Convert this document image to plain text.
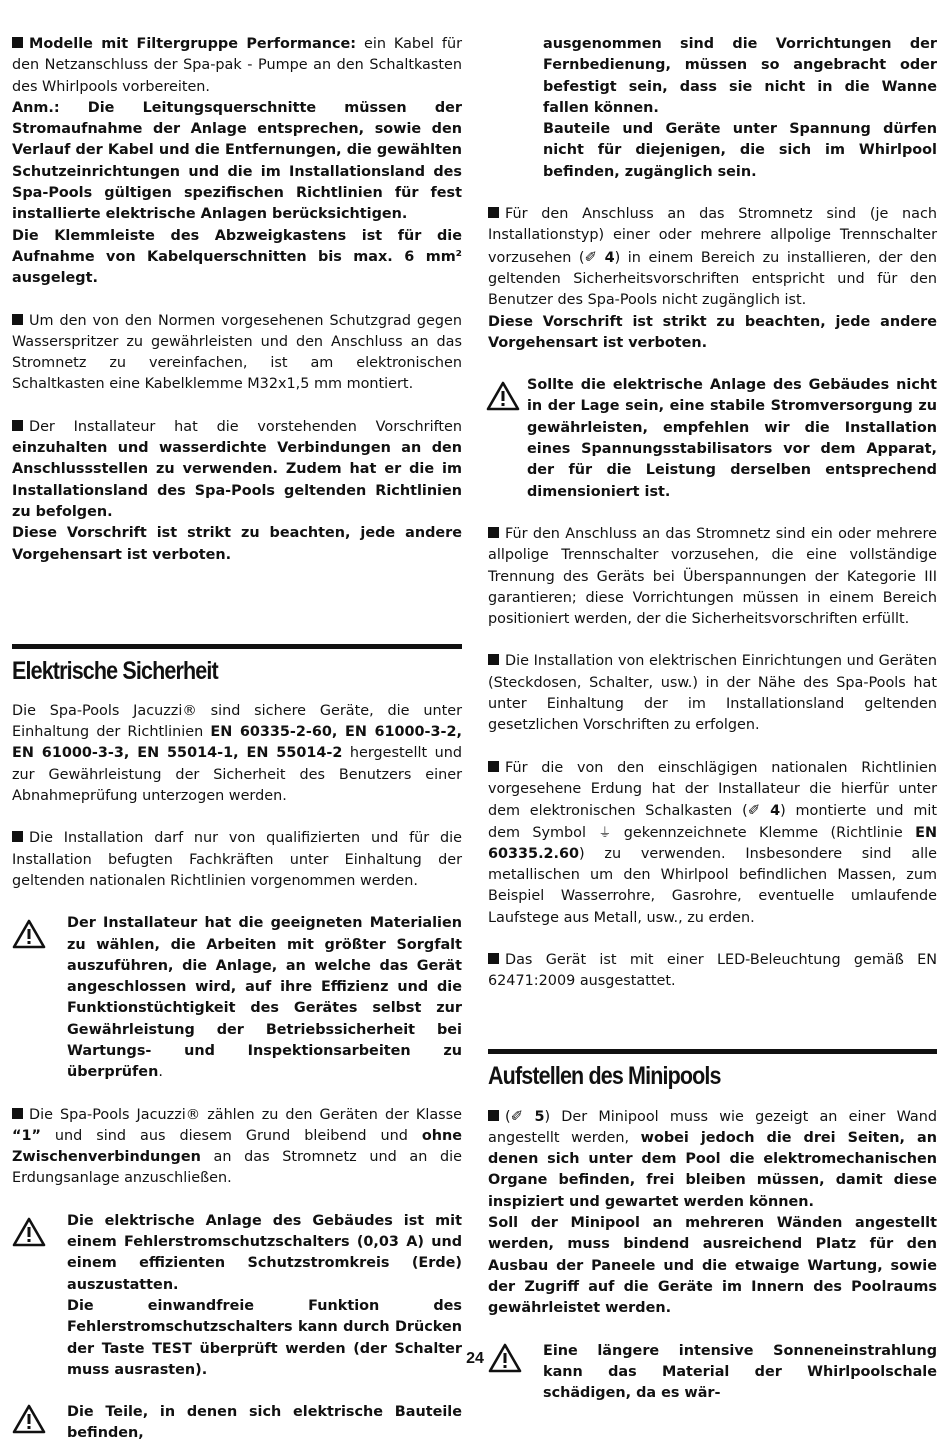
Modelle mit Filtergruppe Performance: ein Kabel für den Netzanschluss der Spa-pak - Pumpe an den Schaltkasten des Whirlpools vorbereiten.

Anm.: Die Leitungsquerschnitte müssen der Stromaufnahme der Anlage entsprechen, sowie den Verlauf der Kabel und die Entfernungen, die gewählten Schutzeinrichtungen und die im Installationsland des Spa-Pools gültigen spezifischen Richtlinien für fest installierte elektrische Anlagen berücksichtigen.

Die Klemmleiste des Abzweigkastens ist für die Aufnahme von Kabelquerschnitten bis max. 6 mm² ausgelegt.

Um den von den Normen vorgesehenen Schutzgrad gegen Wasserspritzer zu gewährleisten und den Anschluss an das Stromnetz zu vereinfachen, ist am elektronischen Schaltkasten eine Kabelklemme M32x1,5 mm montiert.

Der Installateur hat die vorstehenden Vorschriften einzuhalten und wasserdichte Verbindungen an den Anschlussstellen zu verwenden. Zudem hat er die im Installationsland des Spa-Pools geltenden Richtlinien zu befolgen.

Diese Vorschrift ist strikt zu beachten, jede andere Vorgehensart ist verboten.

Elektrische Sicherheit

Die Spa-Pools Jacuzzi® sind sichere Geräte, die unter Einhaltung der Richtlinien EN 60335-2-60, EN 61000-3-2, EN 61000-3-3, EN 55014-1, EN 55014-2 hergestellt und zur Gewährleistung der Sicherheit des Benutzers einer Abnahmeprüfung unterzogen werden.

Die Installation darf nur von qualifizierten und für die Installation befugten Fachkräften unter Einhaltung der geltenden nationalen Richtlinien vorgenommen werden.

Der Installateur hat die geeigneten Materialien zu wählen, die Arbeiten mit größter Sorgfalt auszuführen, die Anlage, an welche das Gerät angeschlossen wird, auf ihre Effizienz und die Funktionstüchtigkeit des Gerätes selbst zur Gewährleistung der Betriebssicherheit bei Wartungs- und Inspektionsarbeiten zu überprüfen.

Die Spa-Pools Jacuzzi® zählen zu den Geräten der Klasse “1” und sind aus diesem Grund bleibend und ohne Zwischenverbindungen an das Stromnetz und an die Erdungsanlage anzuschließen.

Die elektrische Anlage des Gebäudes ist mit einem Fehlerstromschutzschalters (0,03 A) und einem effizienten Schutzstromkreis (Erde) auszustatten.

Die einwandfreie Funktion des Fehlerstromschutzschalters kann durch Drücken der Taste TEST überprüft werden (der Schalter muss ausrasten).

Die Teile, in denen sich elektrische Bauteile befinden,

ausgenommen sind die Vorrichtungen der Fernbedienung, müssen so angebracht oder befestigt sein, dass sie nicht in die Wanne fallen können.

Bauteile und Geräte unter Spannung dürfen nicht für diejenigen, die sich im Whirlpool befinden, zugänglich sein.

Für den Anschluss an das Stromnetz sind (je nach Installationstyp) einer oder mehrere allpolige Trennschalter vorzusehen (✐ 4) in einem Bereich zu installieren, der den geltenden Sicherheitsvorschriften entspricht und für den Benutzer des Spa-Pools nicht zugänglich ist.

Diese Vorschrift ist strikt zu beachten, jede andere Vorgehensart ist verboten.

Sollte die elektrische Anlage des Gebäudes nicht in der Lage sein, eine stabile Stromversorgung zu gewährleisten, empfehlen wir die Installation eines Spannungsstabilisators vor dem Apparat, der für die Leistung derselben entsprechend dimensioniert ist.

Für den Anschluss an das Stromnetz sind ein oder mehrere allpolige Trennschalter vorzusehen, die eine vollständige Trennung des Geräts bei Überspannungen der Kategorie III garantieren; diese Vorrichtungen müssen in einem Bereich positioniert werden, der die Sicherheitsvorschriften erfüllt.

Die Installation von elektrischen Einrichtungen und Geräten (Steckdosen, Schalter, usw.) in der Nähe des Spa-Pools hat unter Einhaltung der im Installationsland geltenden gesetzlichen Vorschriften zu erfolgen.

Für die von den einschlägigen nationalen Richtlinien vorgesehene Erdung hat der Installateur die hierfür unter dem elektronischen Schalkasten (✐ 4) montierte und mit dem Symbol ⏚ gekennzeichnete Klemme (Richtlinie EN 60335.2.60) zu verwenden. Insbesondere sind alle metallischen um den Whirlpool befindlichen Massen, zum Beispiel Wasserrohre, Gasrohre, eventuelle umlaufende Laufstege aus Metall, usw., zu erden.

Das Gerät ist mit einer LED-Beleuchtung gemäß EN 62471:2009 ausgestattet.

Aufstellen des Minipools

(✐ 5) Der Minipool muss wie gezeigt an einer Wand angestellt werden, wobei jedoch die drei Seiten, an denen sich unter dem Pool die elektromechanischen Organe befinden, frei bleiben müssen, damit diese inspiziert und gewartet werden können.

Soll der Minipool an mehreren Wänden angestellt werden, muss bindend ausreichend Platz für den Ausbau der Paneele und die etwaige Wartung, sowie der Zugriff auf die Geräte im Innern des Poolraums gewährleistet werden.

Eine längere intensive Sonneneinstrahlung kann das Material der Whirlpoolschale schädigen, da es wär-

24
